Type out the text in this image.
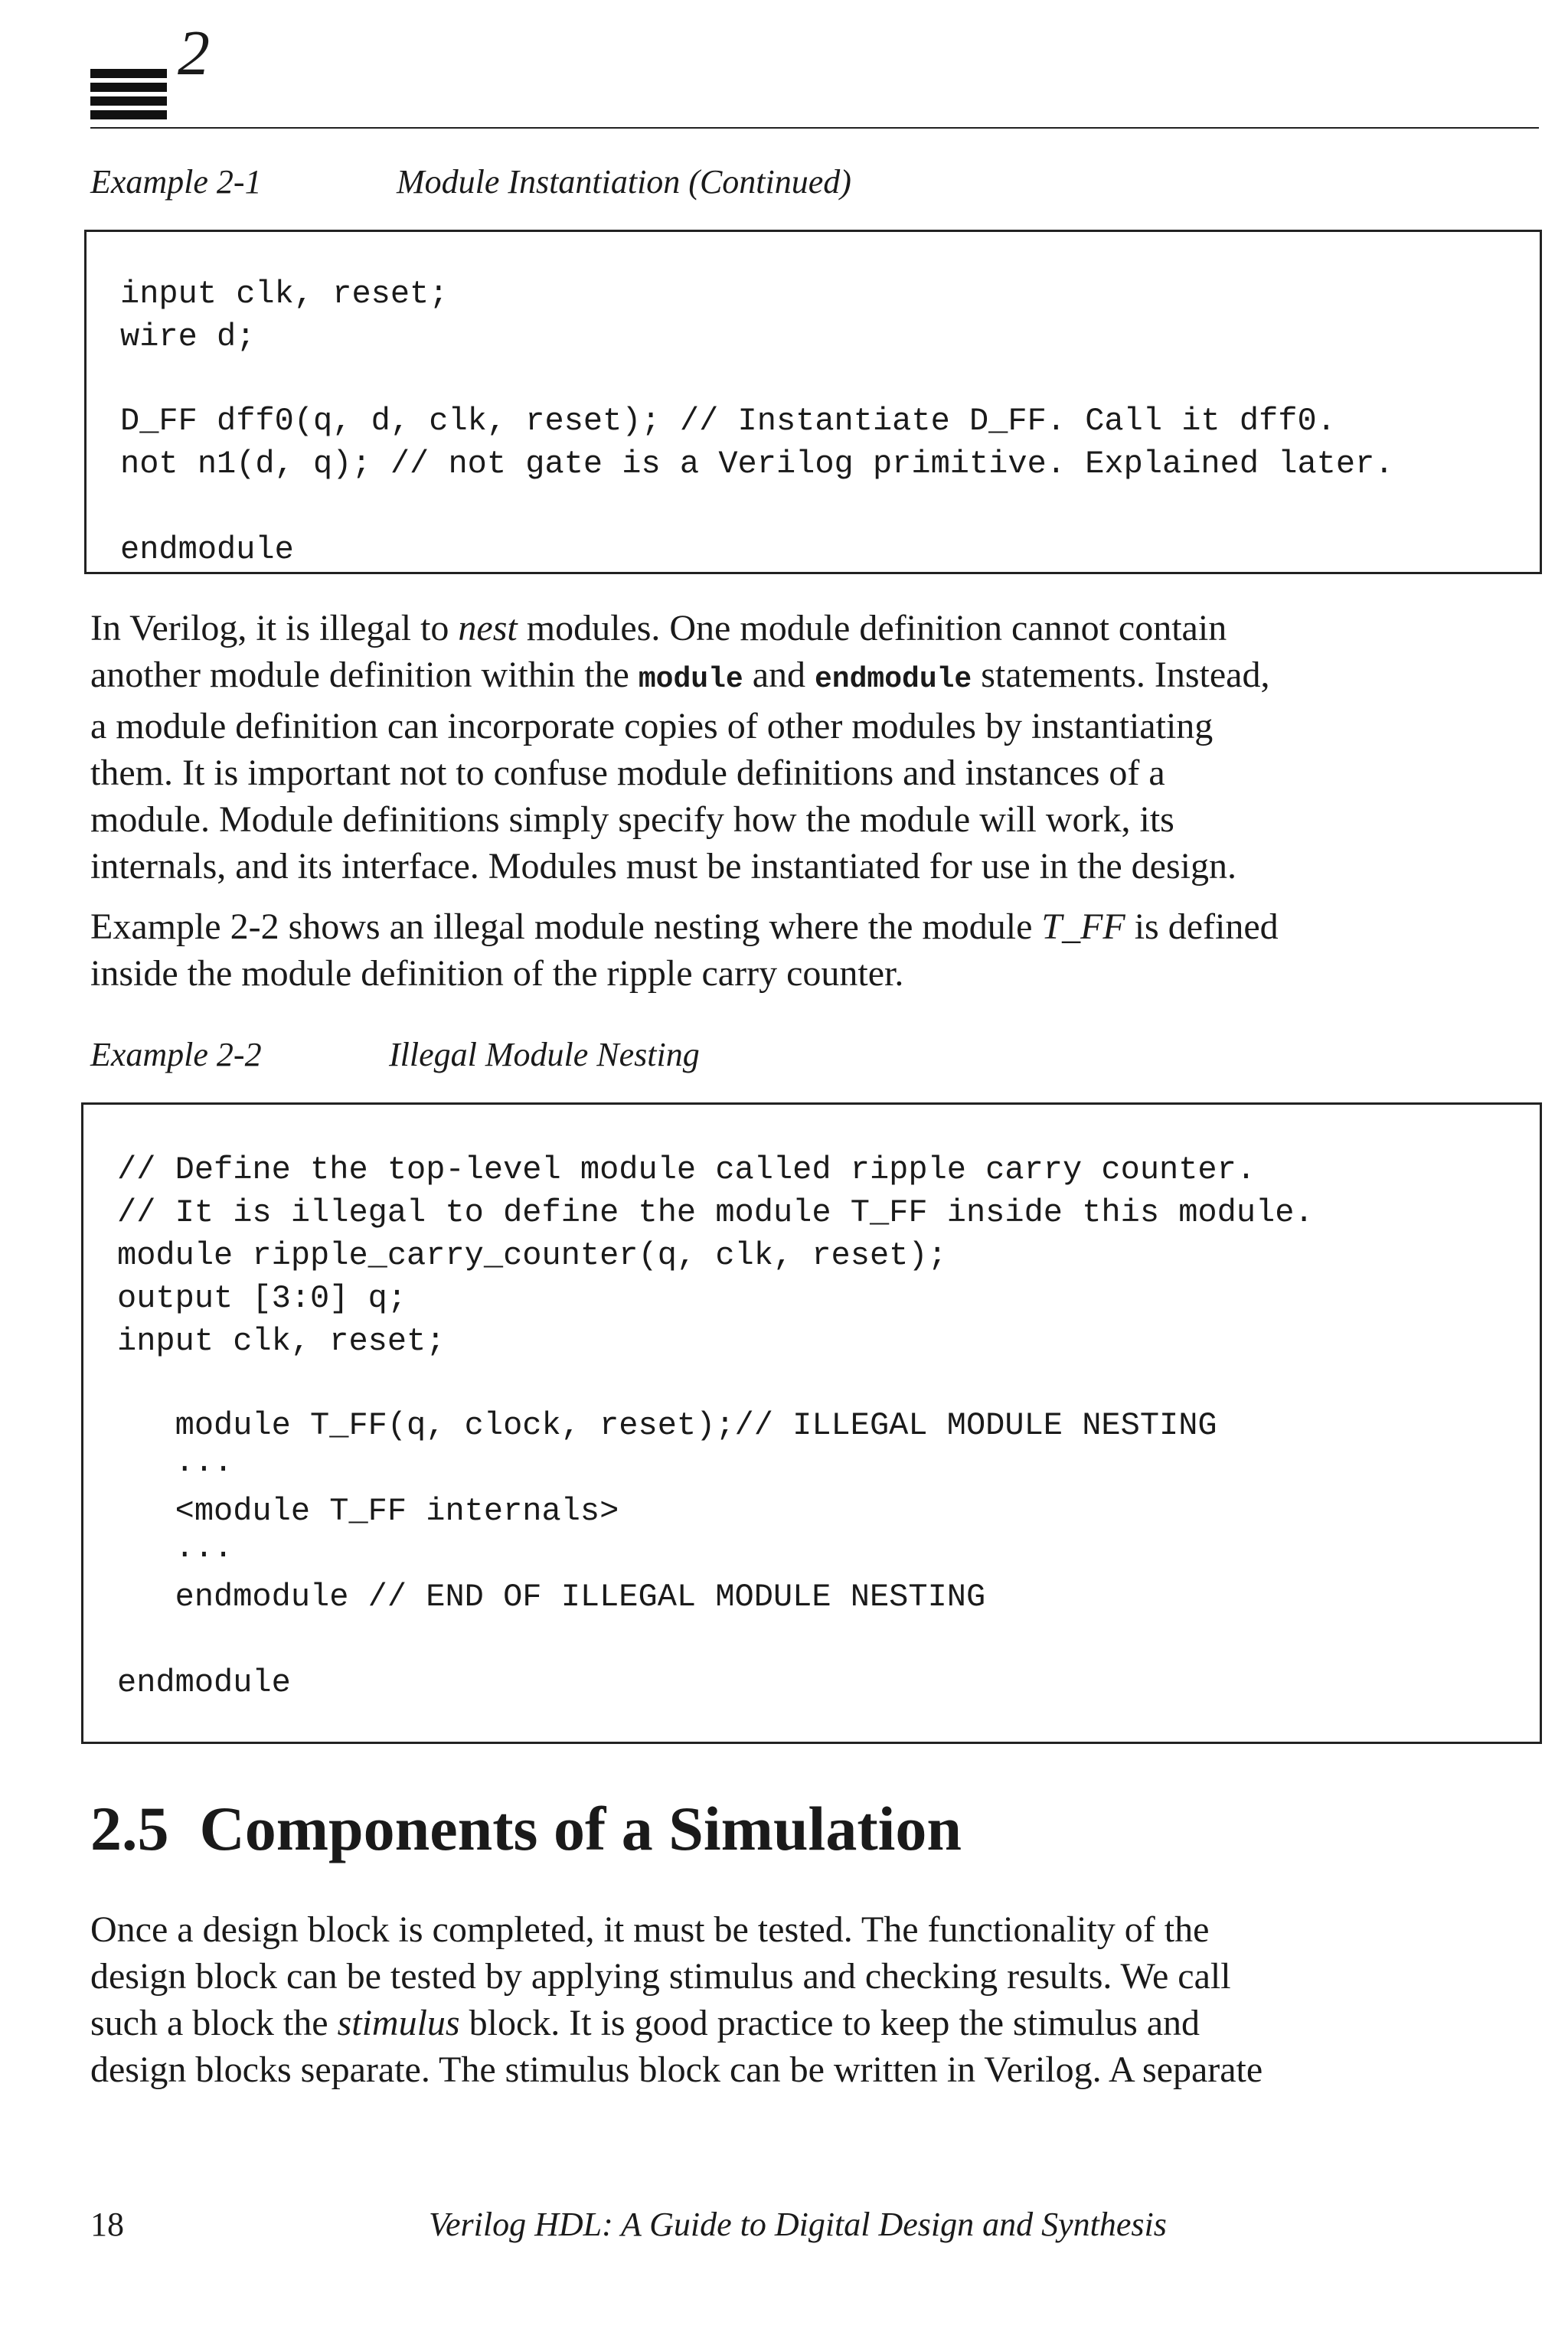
2
Example 2-1	Module Instantiation (Continued)
input clk, reset;
wire d;
D_FF dff0(q, d, clk, reset); // Instantiate D_FF. Call it dff0.
not n1(d, q); // not gate is a Verilog primitive. Explained later.
endmodule
In Verilog, it is illegal to nest modules. One module definition cannot contain
another module definition within the module and endmodule statements. Instead,
a module definition can incorporate copies of other modules by instantiating
them. It is important not to confuse module definitions and instances of a
module. Module definitions simply specify how the module will work, its
internals, and its interface. Modules must be instantiated for use in the design.
Example 2-2 shows an illegal module nesting where the module T_FF is defined
inside the module definition of the ripple carry counter.
Example 2-2	Illegal Module Nesting
// Define the top-level module called ripple carry counter.
// It is illegal to define the module T_FF inside this module.
module ripple_carry_counter(q, clk, reset);
output [3:0] q;
input clk, reset;
module T_FF(q, clock, reset);// ILLEGAL MODULE NESTING
...
<module T_FF internals>
...
endmodule // END OF ILLEGAL MODULE NESTING
endmodule
2.5 Components of a Simulation
Once a design block is completed, it must be tested. The functionality of the
design block can be tested by applying stimulus and checking results. We call
such a block the stimulus block. It is good practice to keep the stimulus and
design blocks separate. The stimulus block can be written in Verilog. A separate
18	Verilog HDL: A Guide to Digital Design and Synthesis
